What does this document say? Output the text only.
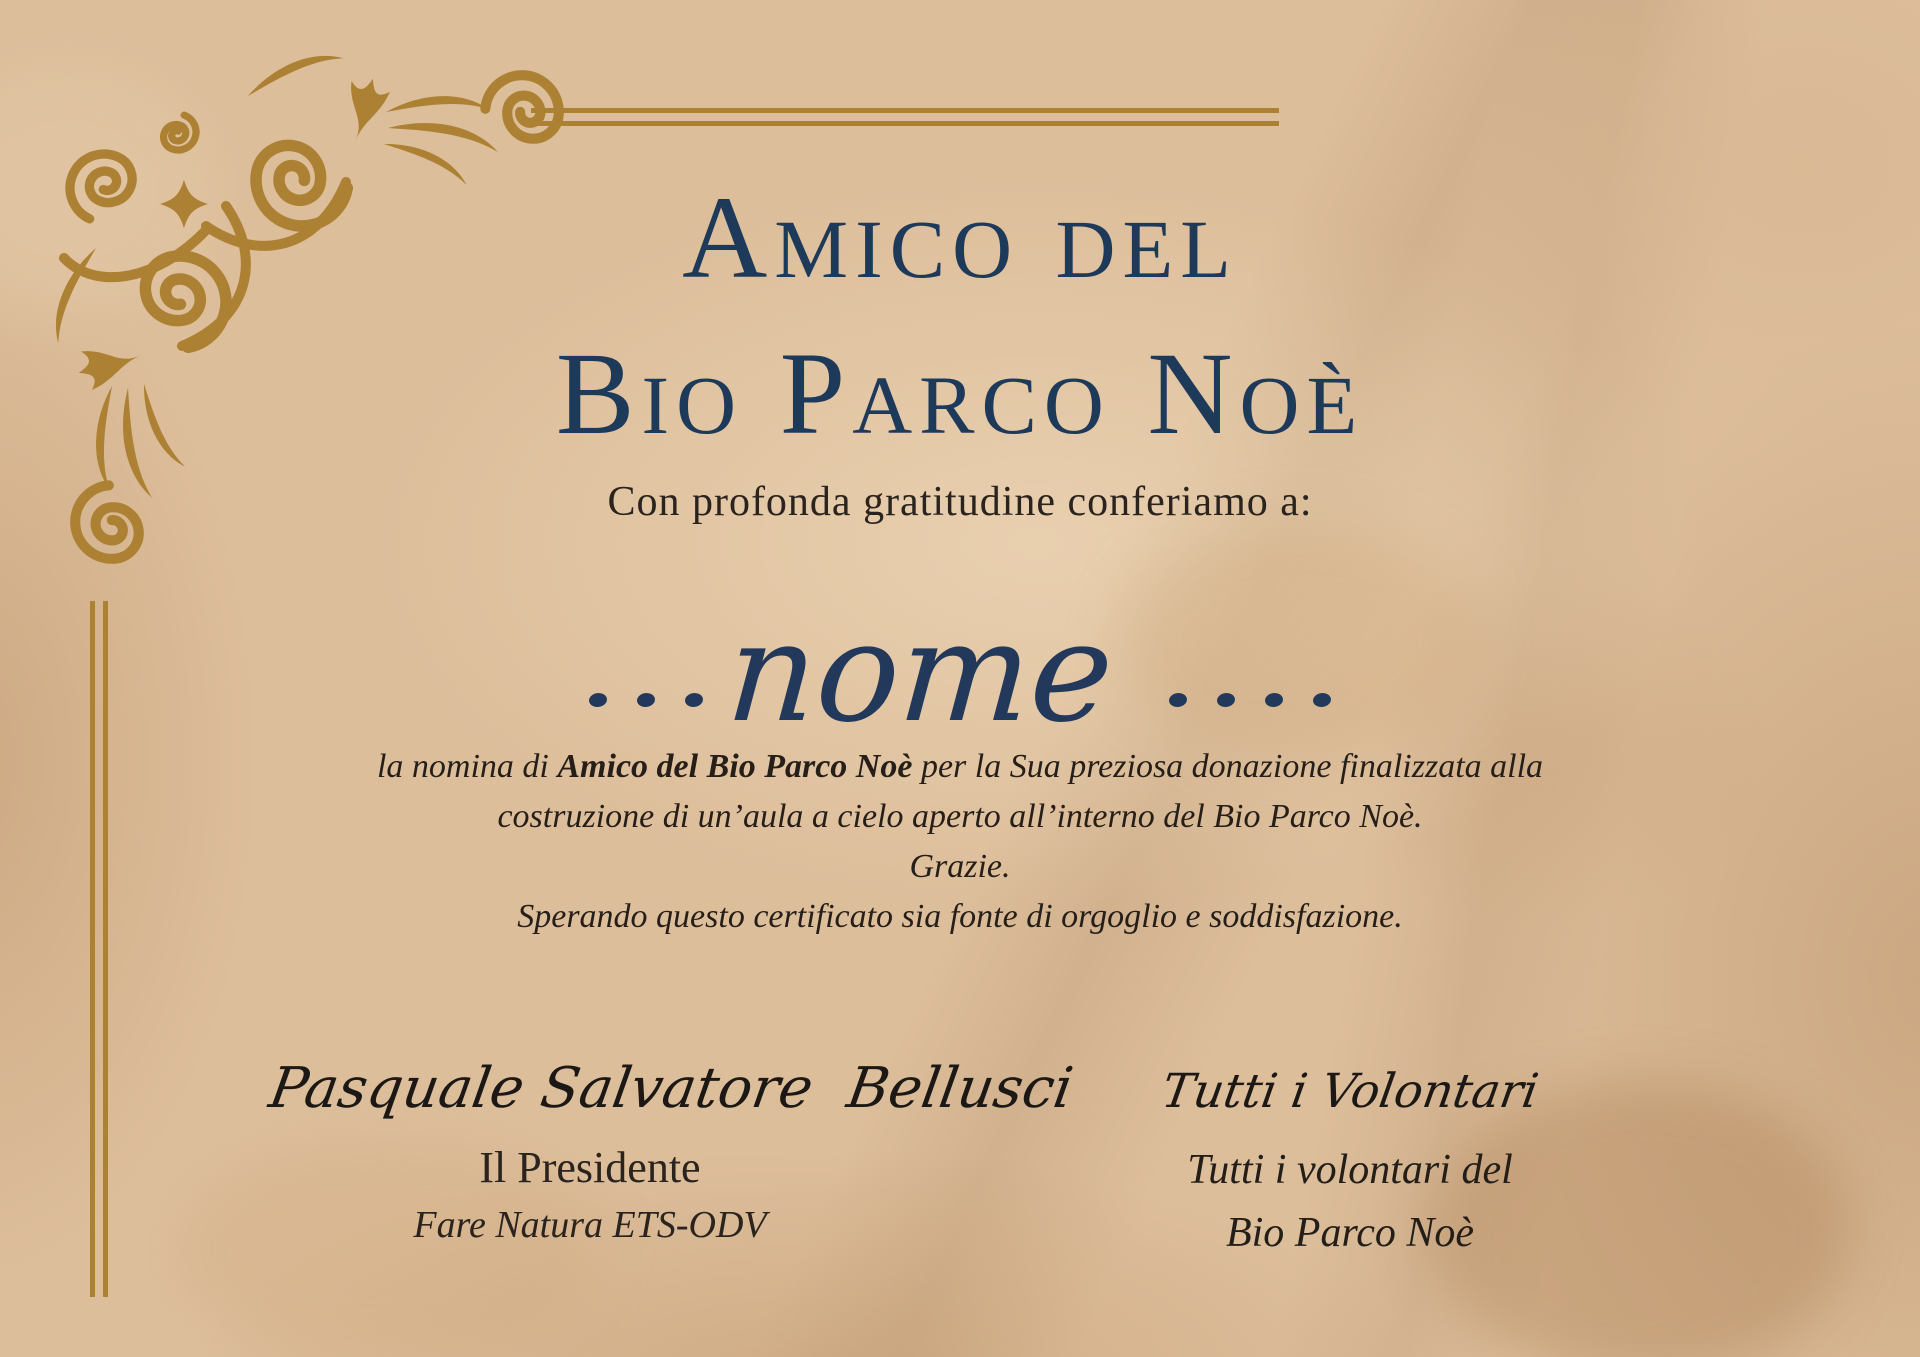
Amico del
Bio Parco Noè
Con profonda gratitudine conferiamo a:
nome

la nomina di Amico del Bio Parco Noè per la Sua preziosa donazione finalizzata alla

costruzione di un’aula a cielo aperto all’interno del Bio Parco Noè.

Grazie.

Sperando questo certificato sia fonte di orgoglio e soddisfazione.

Pasquale Salvatore  Bellusci
Il Presidente
Fare Natura ETS-ODV
Tutti i Volontari
Tutti i volontari del
Bio Parco Noè
